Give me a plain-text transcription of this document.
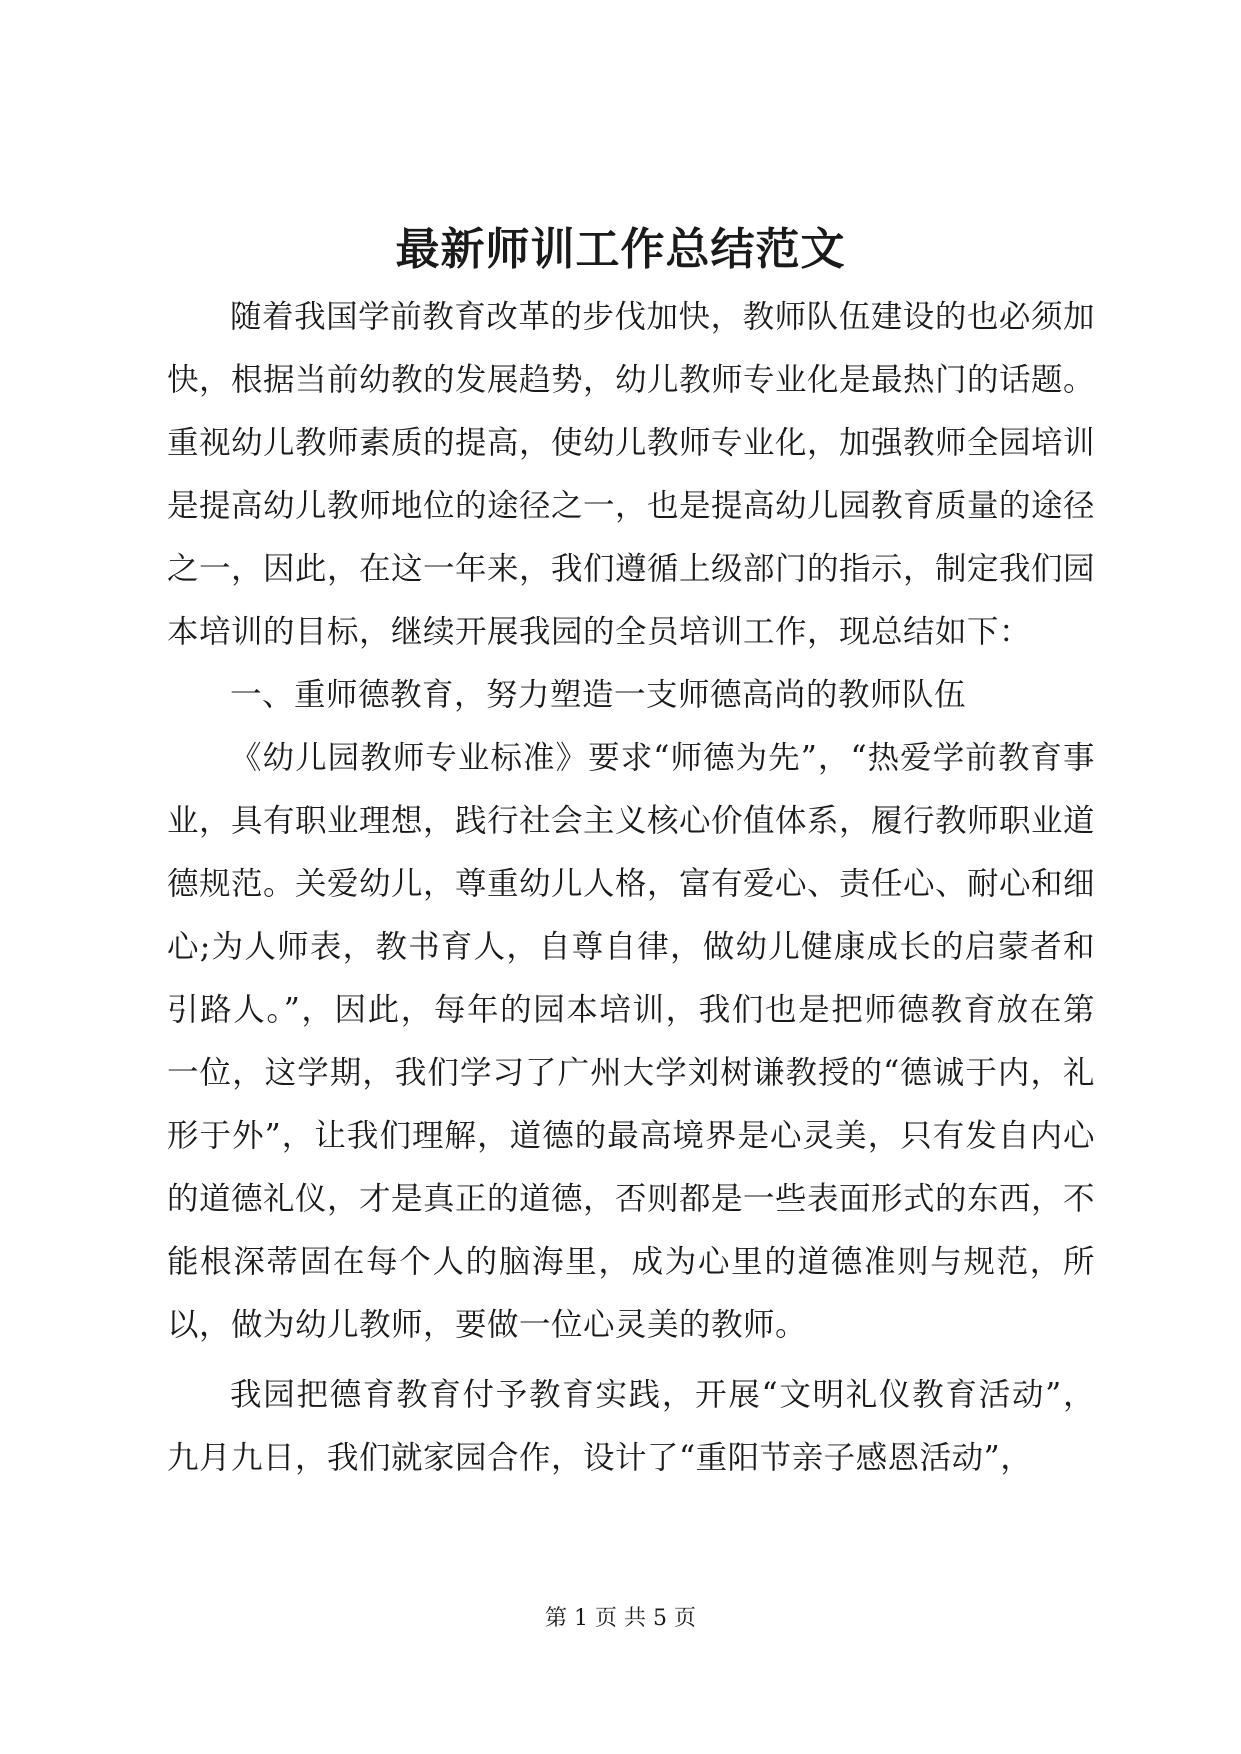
最新师训工作总结范文

随着我国学前教育改革的步伐加快，教师队伍建设的也必须加快，根据当前幼教的发展趋势，幼儿教师专业化是最热门的话题。重视幼儿教师素质的提高，使幼儿教师专业化，加强教师全园培训是提高幼儿教师地位的途径之一，也是提高幼儿园教育质量的途径之一，因此，在这一年来，我们遵循上级部门的指示，制定我们园本培训的目标，继续开展我园的全员培训工作，现总结如下：

一、重师德教育，努力塑造一支师德高尚的教师队伍

《幼儿园教师专业标准》要求“师德为先”，“热爱学前教育事业，具有职业理想，践行社会主义核心价值体系，履行教师职业道德规范。关爱幼儿，尊重幼儿人格，富有爱心、责任心、耐心和细心;为人师表，教书育人，自尊自律，做幼儿健康成长的启蒙者和引路人。”，因此，每年的园本培训，我们也是把师德教育放在第一位，这学期，我们学习了广州大学刘树谦教授的“德诚于内，礼形于外”，让我们理解，道德的最高境界是心灵美，只有发自内心的道德礼仪，才是真正的道德，否则都是一些表面形式的东西，不能根深蒂固在每个人的脑海里，成为心里的道德准则与规范，所以，做为幼儿教师，要做一位心灵美的教师。

我园把德育教育付予教育实践，开展“文明礼仪教育活动”，九月九日，我们就家园合作，设计了“重阳节亲子感恩活动”，

第 1 页 共 5 页
